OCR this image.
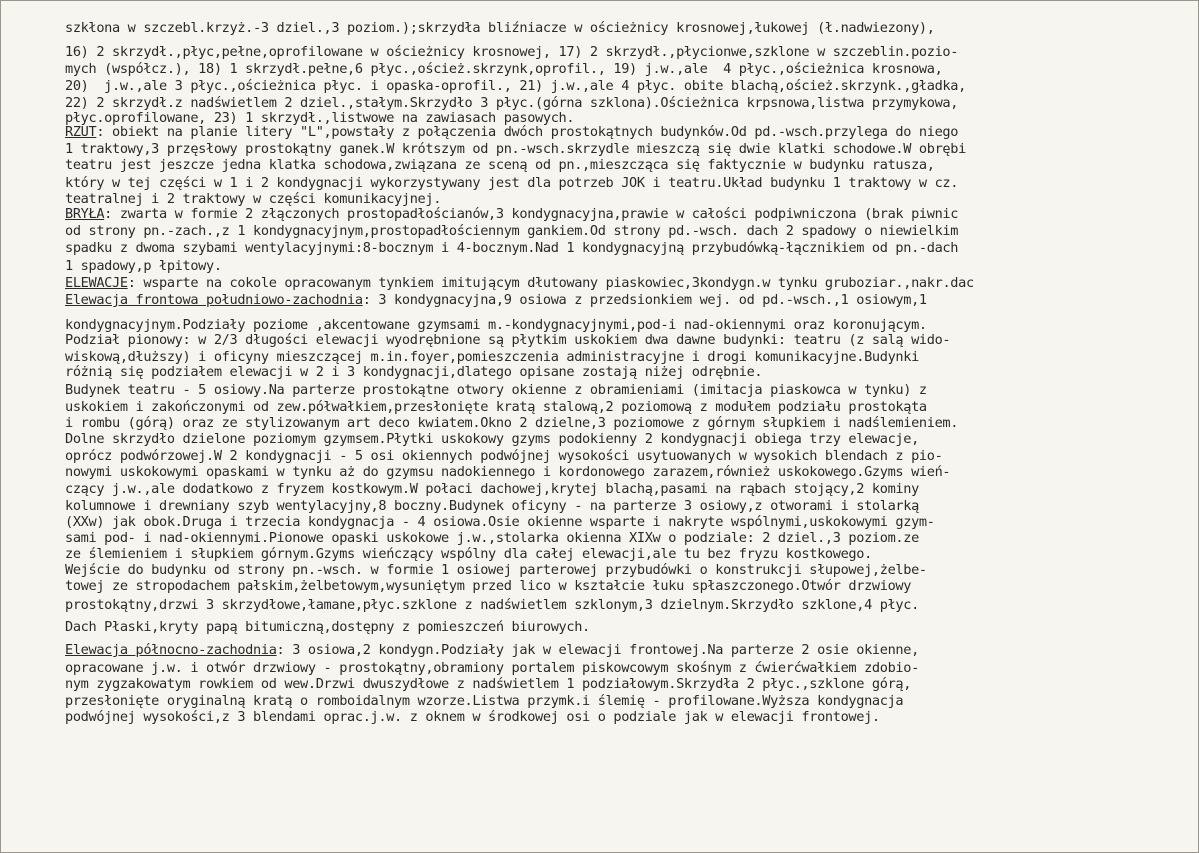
szkłona w szczebl.krzyż.-3 dziel.,3 poziom.);skrzydła bliźniacze w ościeżnicy krosnowej,łukowej (ł.nadwiezony),
16) 2 skrzydł.,płyc,pełne,oprofilowane w ościeżnicy krosnowej, 17) 2 skrzydł.,płycionwe,szklone w szczeblin.pozio-
mych (współcz.), 18) 1 skrzydł.pełne,6 płyc.,oścież.skrzynk,oprofil., 19) j.w.,ale  4 płyc.,ościeżnica krosnowa,
20)  j.w.,ale 3 płyc.,ościeżnica płyc. i opaska-oprofil., 21) j.w.,ale 4 płyc. obite blachą,oścież.skrzynk.,gładka,
22) 2 skrzydł.z nadświetlem 2 dziel.,stałym.Skrzydło 3 płyc.(górna szklona).Ościeżnica krpsnowa,listwa przymykowa,
płyc.oprofilowane, 23) 1 skrzydł.,listwowe na zawiasach pasowych.
RZUT: obiekt na planie litery "L",powstały z połączenia dwóch prostokątnych budynków.Od pd.-wsch.przylega do niego
1 traktowy,3 przęsłowy prostokątny ganek.W krótszym od pn.-wsch.skrzydle mieszczą się dwie klatki schodowe.W obrębi
teatru jest jeszcze jedna klatka schodowa,związana ze sceną od pn.,mieszcząca się faktycznie w budynku ratusza,
który w tej części w 1 i 2 kondygnacji wykorzystywany jest dla potrzeb JOK i teatru.Układ budynku 1 traktowy w cz.
teatralnej i 2 traktowy w części komunikacyjnej.
BRYŁA: zwarta w formie 2 złączonych prostopadłościanów,3 kondygnacyjna,prawie w całości podpiwniczona (brak piwnic
od strony pn.-zach.,z 1 kondygnacyjnym,prostopadłościennym gankiem.Od strony pd.-wsch. dach 2 spadowy o niewielkim
spadku z dwoma szybami wentylacyjnymi:8-bocznym i 4-bocznym.Nad 1 kondygnacyjną przybudówką-łącznikiem od pn.-dach
1 spadowy,p łpitowy.
ELEWACJE: wsparte na cokole opracowanym tynkiem imitującym dłutowany piaskowiec,3kondygn.w tynku gruboziar.,nakr.dac
Elewacja frontowa południowo-zachodnia: 3 kondygnacyjna,9 osiowa z przedsionkiem wej. od pd.-wsch.,1 osiowym,1
kondygnacyjnym.Podziały poziome ,akcentowane gzymsami m.-kondygnacyjnymi,pod-i nad-okiennymi oraz koronującym.
Podział pionowy: w 2/3 długości elewacji wyodrębnione są płytkim uskokiem dwa dawne budynki: teatru (z salą wido-
wiskową,dłuższy) i oficyny mieszczącej m.in.foyer,pomieszczenia administracyjne i drogi komunikacyjne.Budynki
różnią się podziałem elewacji w 2 i 3 kondygnacji,dlatego opisane zostają niżej odrębnie.
Budynek teatru - 5 osiowy.Na parterze prostokątne otwory okienne z obramieniami (imitacja piaskowca w tynku) z
uskokiem i zakończonymi od zew.półwałkiem,przesłonięte kratą stalową,2 poziomową z modułem podziału prostokąta
i rombu (górą) oraz ze stylizowanym art deco kwiatem.Okno 2 dzielne,3 poziomowe z górnym słupkiem i nadślemieniem.
Dolne skrzydło dzielone poziomym gzymsem.Płytki uskokowy gzyms podokienny 2 kondygnacji obiega trzy elewacje,
oprócz podwórzowej.W 2 kondygnacji - 5 osi okiennych podwójnej wysokości usytuowanych w wysokich blendach z pio-
nowymi uskokowymi opaskami w tynku aż do gzymsu nadokiennego i kordonowego zarazem,również uskokowego.Gzyms wień-
czący j.w.,ale dodatkowo z fryzem kostkowym.W połaci dachowej,krytej blachą,pasami na rąbach stojący,2 kominy
kolumnowe i drewniany szyb wentylacyjny,8 boczny.Budynek oficyny - na parterze 3 osiowy,z otworami i stolarką
(XXw) jak obok.Druga i trzecia kondygnacja - 4 osiowa.Osie okienne wsparte i nakryte wspólnymi,uskokowymi gzym-
sami pod- i nad-okiennymi.Pionowe opaski uskokowe j.w.,stolarka okienna XIXw o podziale: 2 dziel.,3 poziom.ze
ze ślemieniem i słupkiem górnym.Gzyms wieńczący wspólny dla całej elewacji,ale tu bez fryzu kostkowego.
Wejście do budynku od strony pn.-wsch. w formie 1 osiowej parterowej przybudówki o konstrukcji słupowej,żelbe-
towej ze stropodachem pałskim,żelbetowym,wysuniętym przed lico w kształcie łuku spłaszczonego.Otwór drzwiowy
prostokątny,drzwi 3 skrzydłowe,łamane,płyc.szklone z nadświetlem szklonym,3 dzielnym.Skrzydło szklone,4 płyc.
Dach Płaski,kryty papą bitumiczną,dostępny z pomieszczeń biurowych.
Elewacja północno-zachodnia: 3 osiowa,2 kondygn.Podziały jak w elewacji frontowej.Na parterze 2 osie okienne,
opracowane j.w. i otwór drzwiowy - prostokątny,obramiony portalem piskowcowym skośnym z ćwierćwałkiem zdobio-
nym zygzakowatym rowkiem od wew.Drzwi dwuszydłowe z nadświetlem 1 podziałowym.Skrzydła 2 płyc.,szklone górą,
przesłonięte oryginalną kratą o romboidalnym wzorze.Listwa przymk.i ślemię - profilowane.Wyższa kondygnacja
podwójnej wysokości,z 3 blendami oprac.j.w. z oknem w środkowej osi o podziale jak w elewacji frontowej.
